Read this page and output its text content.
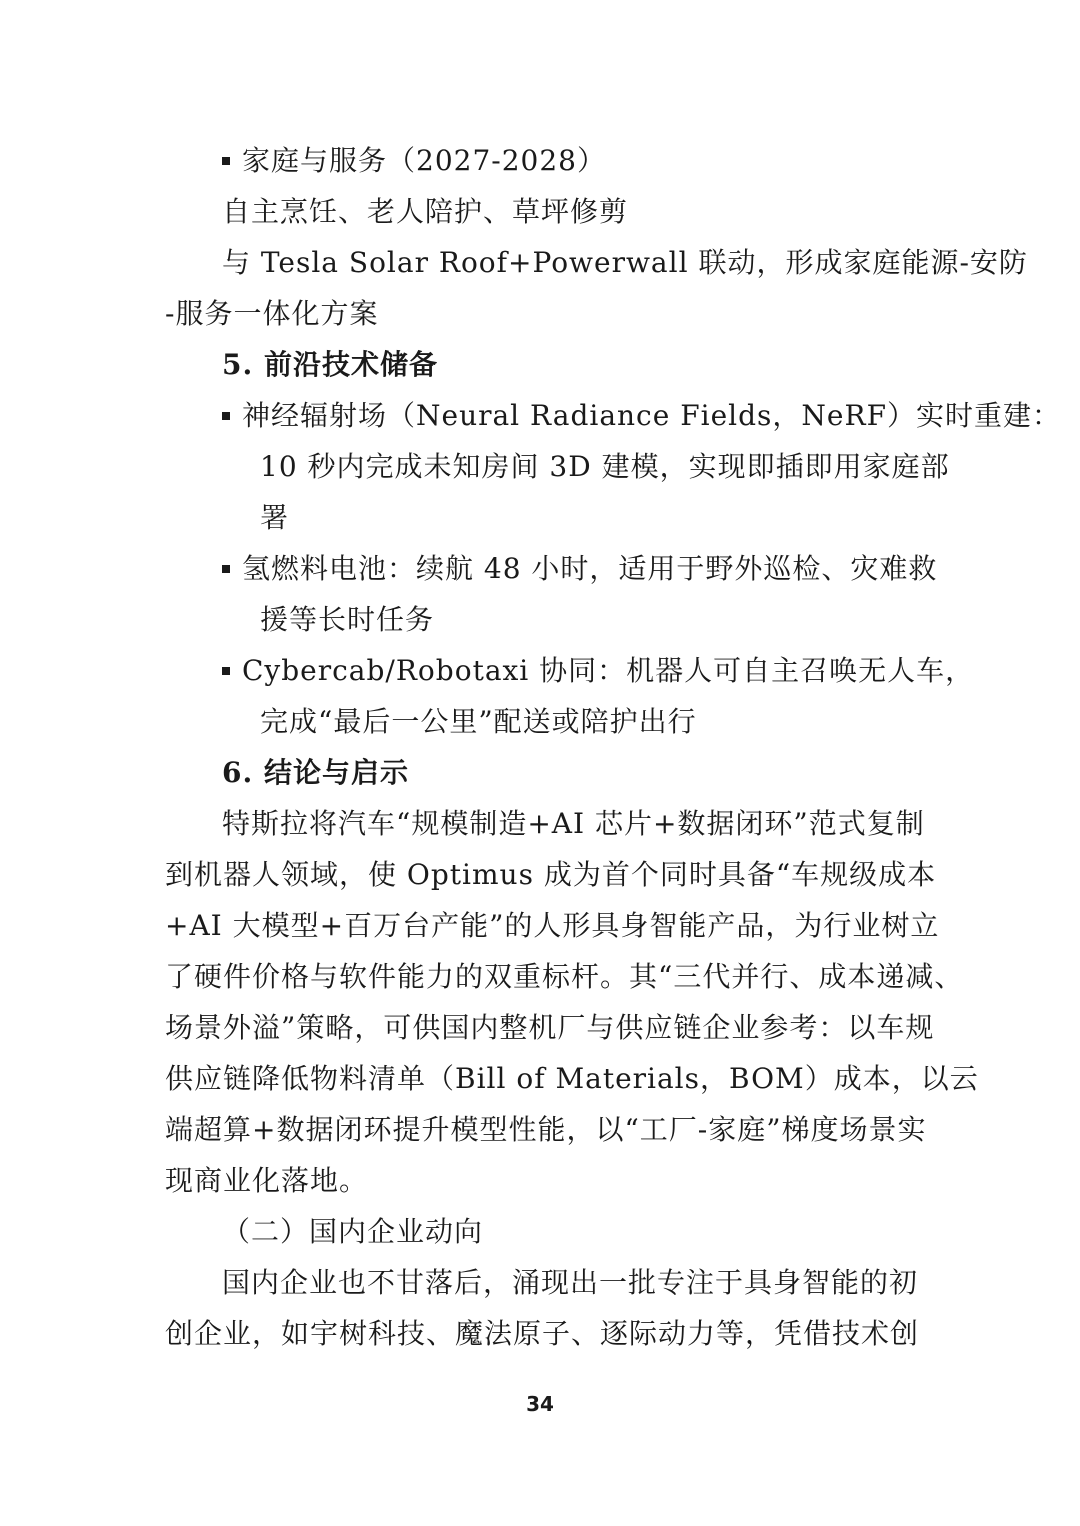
家庭与服务（2027-2028）
自主烹饪、老人陪护、草坪修剪
与 Tesla Solar Roof+Powerwall 联动，形成家庭能源-安防
-服务一体化方案
5. 前沿技术储备
神经辐射场（Neural Radiance Fields，NeRF）实时重建：
10 秒内完成未知房间 3D 建模，实现即插即用家庭部
署
氢燃料电池：续航 48 小时，适用于野外巡检、灾难救
援等长时任务
Cybercab/Robotaxi 协同：机器人可自主召唤无人车，
完成“最后一公里”配送或陪护出行
6. 结论与启示
特斯拉将汽车“规模制造+AI 芯片+数据闭环”范式复制
到机器人领域，使 Optimus 成为首个同时具备“车规级成本
+AI 大模型+百万台产能”的人形具身智能产品，为行业树立
了硬件价格与软件能力的双重标杆。其“三代并行、成本递减、
场景外溢”策略，可供国内整机厂与供应链企业参考：以车规
供应链降低物料清单（Bill of Materials，BOM）成本，以云
端超算+数据闭环提升模型性能，以“工厂-家庭”梯度场景实
现商业化落地。
（二）国内企业动向
国内企业也不甘落后，涌现出一批专注于具身智能的初
创企业，如宇树科技、魔法原子、逐际动力等，凭借技术创
34
